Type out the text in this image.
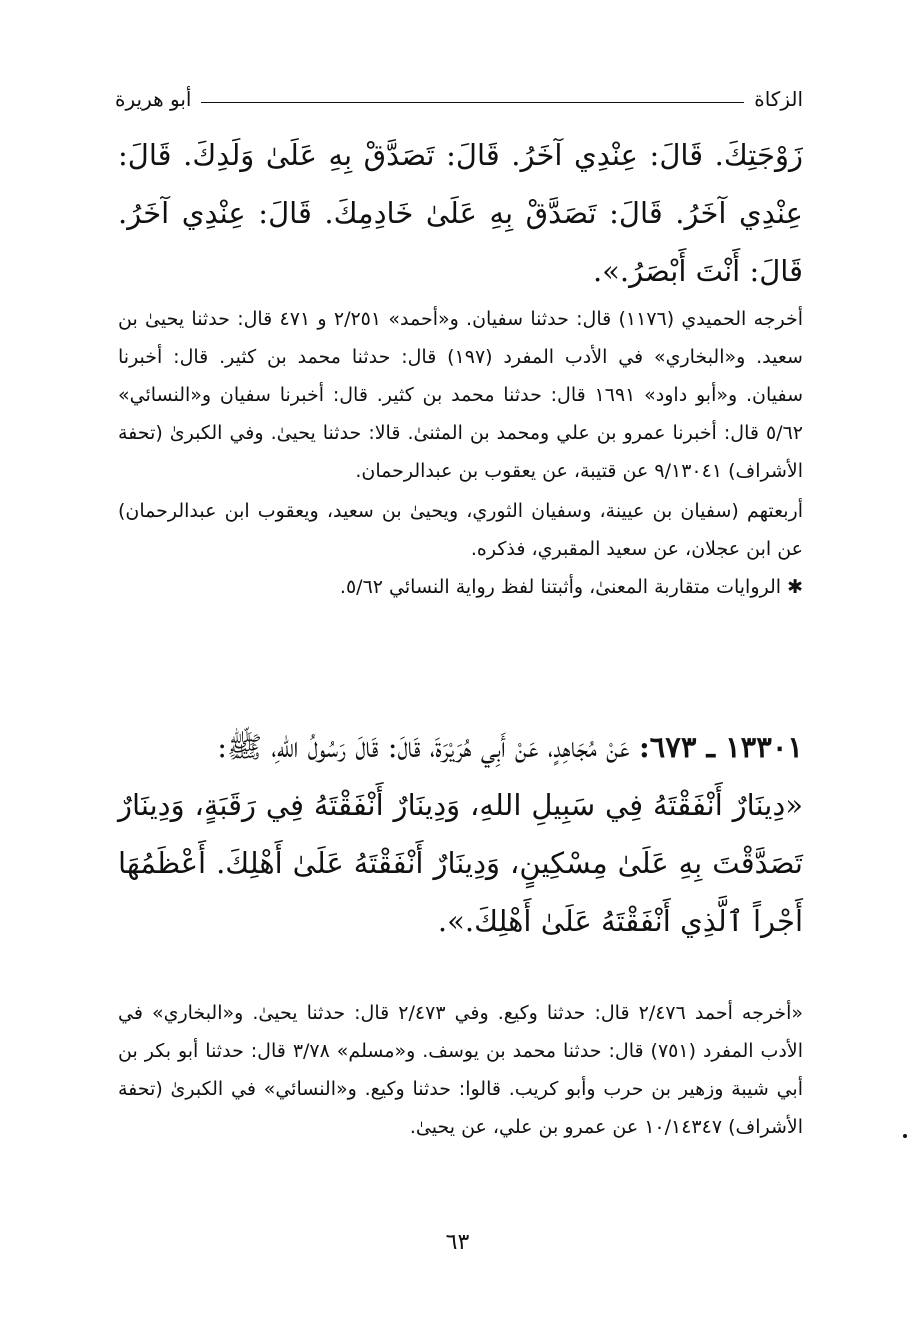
الزكاة
أبو هريرة
زَوْجَتِكَ. قَالَ: عِنْدِي آخَرُ. قَالَ: تَصَدَّقْ بِهِ عَلَىٰ وَلَدِكَ. قَالَ: عِنْدِي آخَرُ. قَالَ: تَصَدَّقْ بِهِ عَلَىٰ خَادِمِكَ. قَالَ: عِنْدِي آخَرُ. قَالَ: أَنْتَ أَبْصَرُ.».
أخرجه الحميدي (١١٧٦) قال: حدثنا سفيان. و«أحمد» ٢/٢٥١ و ٤٧١ قال: حدثنا يحيىٰ بن سعيد. و«البخاري» في الأدب المفرد (١٩٧) قال: حدثنا محمد بن كثير. قال: أخبرنا سفيان. و«أبو داود» ١٦٩١ قال: حدثنا محمد بن كثير. قال: أخبرنا سفيان و«النسائي» ٥/٦٢ قال: أخبرنا عمرو بن علي ومحمد بن المثنىٰ. قالا: حدثنا يحيىٰ. وفي الكبرىٰ (تحفة الأشراف) ٩/١٣٠٤١ عن قتيبة، عن يعقوب بن عبدالرحمان.
أربعتهم (سفيان بن عيينة، وسفيان الثوري، ويحيىٰ بن سعيد، ويعقوب ابن عبدالرحمان) عن ابن عجلان، عن سعيد المقبري، فذكره.
✱الروايات متقاربة المعنىٰ، وأثبتنا لفظ رواية النسائي ٥/٦٢.
١٣٣٠١ ـ ٦٧٣: عَنْ مُجَاهِدٍ، عَنْ أَبِي هُرَيْرَةَ، قَالَ: قَالَ رَسُولُ اللهِ، ﷺ:
«دِينَارٌ أَنْفَقْتَهُ فِي سَبِيلِ اللهِ، وَدِينَارٌ أَنْفَقْتَهُ فِي رَقَبَةٍ، وَدِينَارٌ تَصَدَّقْتَ بِهِ عَلَىٰ مِسْكِينٍ، وَدِينَارٌ أَنْفَقْتَهُ عَلَىٰ أَهْلِكَ. أَعْظَمُهَا أَجْراً ٱلَّذِي أَنْفَقْتَهُ عَلَىٰ أَهْلِكَ.».
«أخرجه أحمد ٢/٤٧٦ قال: حدثنا وكيع. وفي ٢/٤٧٣ قال: حدثنا يحيىٰ. و«البخاري» في الأدب المفرد (٧٥١) قال: حدثنا محمد بن يوسف. و«مسلم» ٣/٧٨ قال: حدثنا أبو بكر بن أبي شيبة وزهير بن حرب وأبو كريب. قالوا: حدثنا وكيع. و«النسائي» في الكبرىٰ (تحفة الأشراف) ١٠/١٤٣٤٧ عن عمرو بن علي، عن يحيىٰ.
٦٣
